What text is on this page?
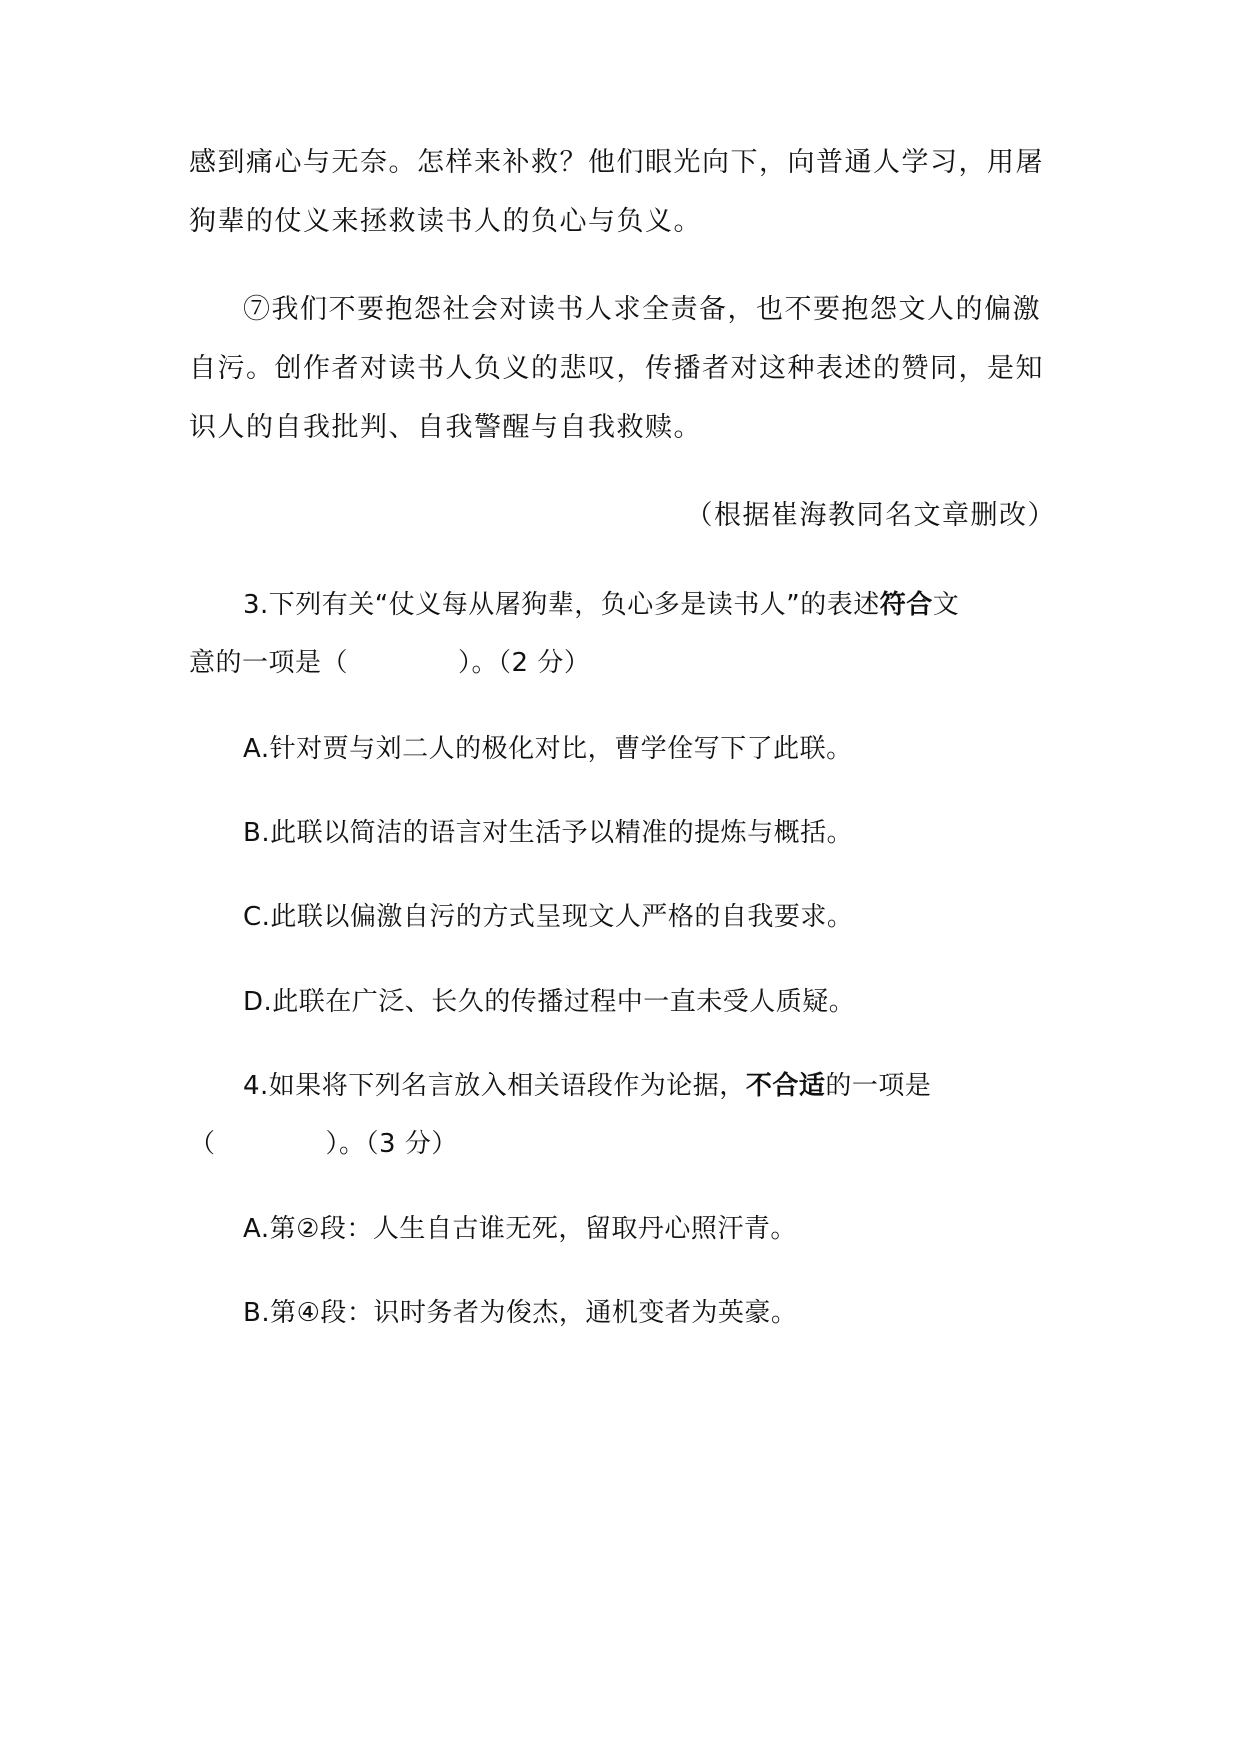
感到痛心与无奈。怎样来补救？他们眼光向下，向普通人学习，用屠
狗辈的仗义来拯救读书人的负心与负义。
⑦我们不要抱怨社会对读书人求全责备，也不要抱怨文人的偏激
自污。创作者对读书人负义的悲叹，传播者对这种表述的赞同，是知
识人的自我批判、自我警醒与自我救赎。
（根据崔海教同名文章删改）
3.下列有关“仗义每从屠狗辈，负心多是读书人”的表述符合文
意的一项是（	）。（2 分）
A.针对贾与刘二人的极化对比，曹学佺写下了此联。
B.此联以简洁的语言对生活予以精准的提炼与概括。
C.此联以偏激自污的方式呈现文人严格的自我要求。
D.此联在广泛、长久的传播过程中一直未受人质疑。
4.如果将下列名言放入相关语段作为论据，不合适的一项是
（	）。（3 分）
A.第②段：人生自古谁无死，留取丹心照汗青。
B.第④段：识时务者为俊杰，通机变者为英豪。
